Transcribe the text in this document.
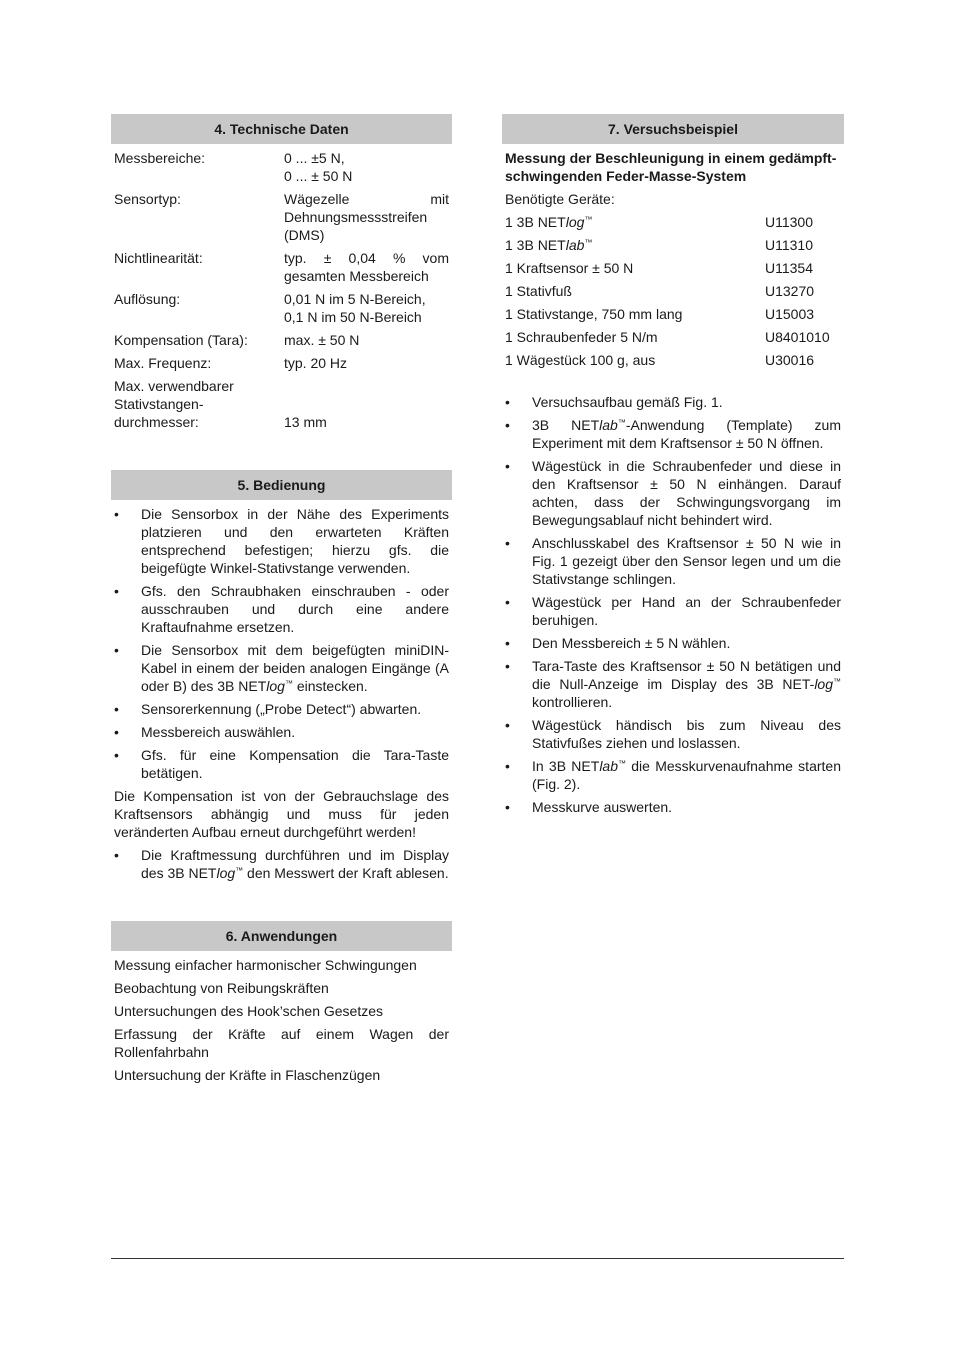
4. Technische Daten
Messbereiche:	0 ... ±5 N,
0 ... ± 50 N
Sensortyp:	Wägezelle mit Dehnungsmessstreifen (DMS)
Nichtlinearität:	typ. ± 0,04 % vom gesamten Messbereich
Auflösung:	0,01 N im 5 N-Bereich,
0,1 N im 50 N-Bereich
Kompensation (Tara):	max. ± 50 N
Max. Frequenz:	typ. 20 Hz
Max. verwendbarer
Stativstangen-
durchmesser:	13 mm
5. Bedienung
• Die Sensorbox in der Nähe des Experiments platzieren und den erwarteten Kräften entsprechend befestigen; hierzu gfs. die beigefügte Winkel-Stativstange verwenden.
• Gfs. den Schraubhaken einschrauben - oder ausschrauben und durch eine andere Kraftaufnahme ersetzen.
• Die Sensorbox mit dem beigefügten miniDIN-Kabel in einem der beiden analogen Eingänge (A oder B) des 3B NETlog™ einstecken.
• Sensorerkennung („Probe Detect“) abwarten.
• Messbereich auswählen.
• Gfs. für eine Kompensation die Tara-Taste betätigen.
Die Kompensation ist von der Gebrauchslage des Kraftsensors abhängig und muss für jeden veränderten Aufbau erneut durchgeführt werden!
• Die Kraftmessung durchführen und im Display des 3B NETlog™ den Messwert der Kraft ablesen.
6. Anwendungen
Messung einfacher harmonischer Schwingungen
Beobachtung von Reibungskräften
Untersuchungen des Hook’schen Gesetzes
Erfassung der Kräfte auf einem Wagen der Rollenfahrbahn
Untersuchung der Kräfte in Flaschenzügen
7. Versuchsbeispiel
Messung der Beschleunigung in einem gedämpft-schwingenden Feder-Masse-System
Benötigte Geräte:
1 3B NETlog™	U11300
1 3B NETlab™	U11310
1 Kraftsensor ± 50 N	U11354
1 Stativfuß	U13270
1 Stativstange, 750 mm lang	U15003
1 Schraubenfeder 5 N/m	U8401010
1 Wägestück 100 g, aus	U30016
• Versuchsaufbau gemäß Fig. 1.
• 3B NETlab™-Anwendung (Template) zum Experiment mit dem Kraftsensor ± 50 N öffnen.
• Wägestück in die Schraubenfeder und diese in den Kraftsensor ± 50 N einhängen. Darauf achten, dass der Schwingungsvorgang im Bewegungsablauf nicht behindert wird.
• Anschlusskabel des Kraftsensor ± 50 N wie in Fig. 1 gezeigt über den Sensor legen und um die Stativstange schlingen.
• Wägestück per Hand an der Schraubenfeder beruhigen.
• Den Messbereich ± 5 N wählen.
• Tara-Taste des Kraftsensor ± 50 N betätigen und die Null-Anzeige im Display des 3B NET-log™ kontrollieren.
• Wägestück händisch bis zum Niveau des Stativfußes ziehen und loslassen.
• In 3B NETlab™ die Messkurvenaufnahme starten (Fig. 2).
• Messkurve auswerten.
